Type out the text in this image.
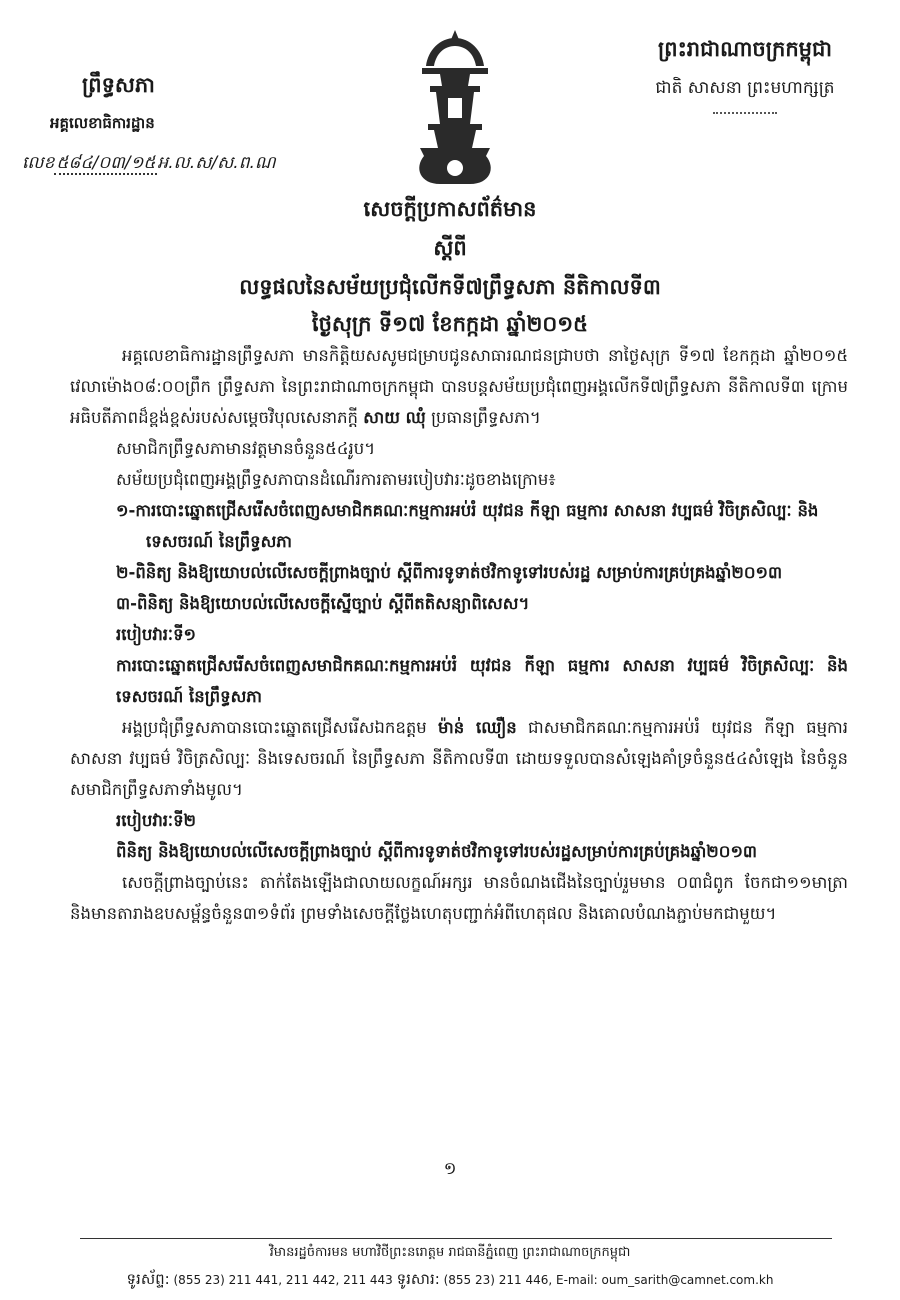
ព្រឹទ្ធសភា
អគ្គលេខាធិការដ្ឋាន
លេខ ៥៨៤/០៣/១៥ អ.ល.ស/ស.ព.ណ
ព្រះរាជាណាចក្រកម្ពុជា
ជាតិ សាសនា ព្រះមហាក្សត្រ
សេចក្តីប្រកាសព័ត៌មាន
ស្តីពី
លទ្ធផលនៃសម័យប្រជុំលើកទី៧ព្រឹទ្ធសភា នីតិកាលទី៣
ថ្ងៃសុក្រ ទី១៧ ខែកក្កដា ឆ្នាំ២០១៥

អគ្គលេខាធិការដ្ឋានព្រឹទ្ធសភា មានកិត្តិយសសូមជម្រាបជូនសាធារណជនជ្រាបថា នាថ្ងៃសុក្រ ទី១៧ ខែកក្កដា ឆ្នាំ២០១៥ វេលាម៉ោង០៨:០០ព្រឹក ព្រឹទ្ធសភា នៃព្រះរាជាណាចក្រកម្ពុជា បានបន្តសម័យប្រជុំពេញអង្គលើកទី៧ព្រឹទ្ធសភា នីតិកាលទី៣ ក្រោមអធិបតីភាពដ៏ខ្ពង់ខ្ពស់របស់សម្តេចវិបុលសេនាភក្តី សាយ ឈុំ ប្រធានព្រឹទ្ធសភា។

សមាជិកព្រឹទ្ធសភាមានវត្តមានចំនួន៥៤រូប។

សម័យប្រជុំពេញអង្គព្រឹទ្ធសភាបានដំណើរការតាមរបៀបវារៈដូចខាងក្រោម៖

១-ការបោះឆ្នោតជ្រើសរើសចំពេញសមាជិកគណៈកម្មការអប់រំ យុវជន កីឡា ធម្មការ សាសនា វប្បធម៌ វិចិត្រសិល្បៈ និងទេសចរណ៍ នៃព្រឹទ្ធសភា

២-ពិនិត្យ និងឱ្យយោបល់លើសេចក្តីព្រាងច្បាប់ ស្តីពីការទូទាត់ថវិកាទូទៅរបស់រដ្ឋ សម្រាប់ការគ្រប់គ្រងឆ្នាំ២០១៣

៣-ពិនិត្យ និងឱ្យយោបល់លើសេចក្តីស្នើច្បាប់ ស្តីពីតតិសន្យាពិសេស។

របៀបវារៈទី១

ការបោះឆ្នោតជ្រើសរើសចំពេញសមាជិកគណៈកម្មការអប់រំ យុវជន កីឡា ធម្មការ សាសនា វប្បធម៌ វិចិត្រសិល្បៈ និងទេសចរណ៍ នៃព្រឹទ្ធសភា

អង្គប្រជុំព្រឹទ្ធសភាបានបោះឆ្នោតជ្រើសរើសឯកឧត្តម ម៉ាន់ ឈឿន ជាសមាជិកគណៈកម្មការអប់រំ យុវជន កីឡា ធម្មការ សាសនា វប្បធម៌ វិចិត្រសិល្បៈ និងទេសចរណ៍ នៃព្រឹទ្ធសភា នីតិកាលទី៣ ដោយទទួលបានសំឡេងគាំទ្រចំនួន៥៤សំឡេង នៃចំនួនសមាជិកព្រឹទ្ធសភាទាំងមូល។

របៀបវារៈទី២

ពិនិត្យ និងឱ្យយោបល់លើសេចក្តីព្រាងច្បាប់ ស្តីពីការទូទាត់ថវិកាទូទៅរបស់រដ្ឋសម្រាប់ការគ្រប់គ្រងឆ្នាំ២០១៣

សេចក្តីព្រាងច្បាប់នេះ តាក់តែងឡើងជាលាយលក្ខណ៍អក្សរ មានចំណងជើងនៃច្បាប់រួមមាន ០៣ជំពូក ចែកជា១១មាត្រា និងមានតារាងឧបសម្ព័ន្ធចំនួន៣១ទំព័រ ព្រមទាំងសេចក្តីថ្លែងហេតុបញ្ជាក់អំពីហេតុផល និងគោលបំណងភ្ជាប់មកជាមួយ។

១
វិមានរដ្ឋចំការមន មហាវិថីព្រះនរោត្តម រាជធានីភ្នំពេញ ព្រះរាជាណាចក្រកម្ពុជា
ទូរស័ព្ទ: (855 23) 211 441, 211 442, 211 443 ទូរសារ: (855 23) 211 446, E-mail: oum_sarith@camnet.com.kh
